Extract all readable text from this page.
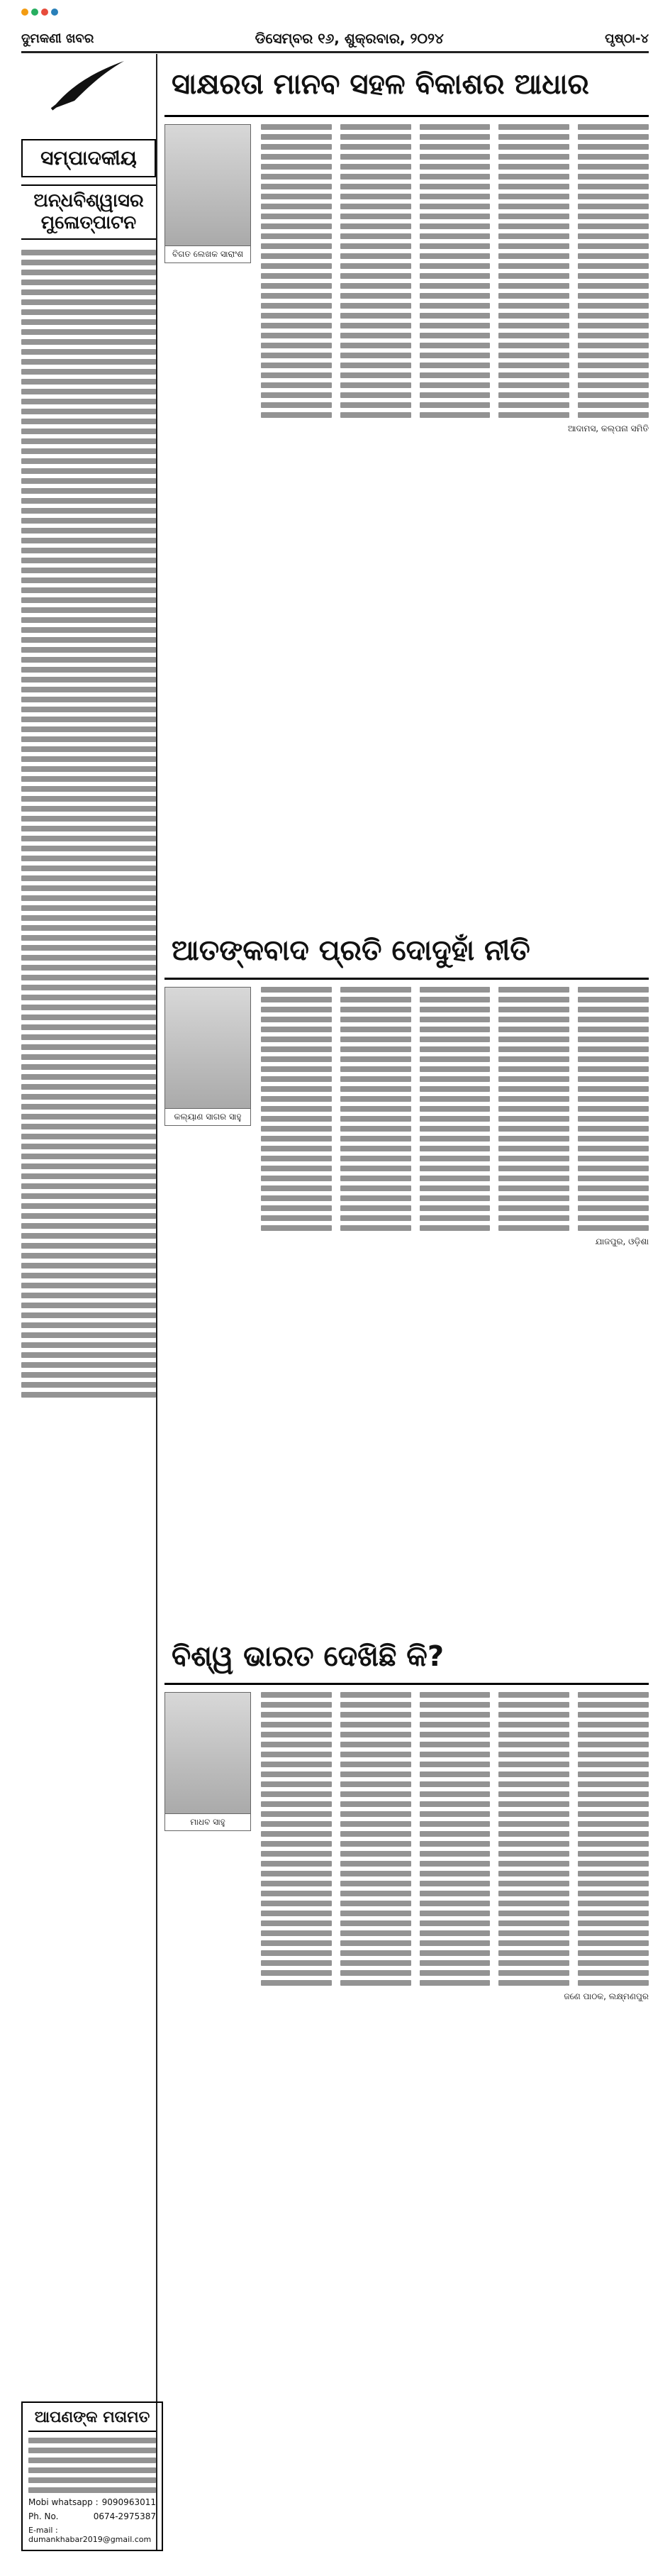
ଦୁମକଣୀ ଖବର	ଡିସେମ୍ବର ୧୬, ଶୁକ୍ରବାର, ୨୦୨୪	ପୃଷ୍ଠା-୪
ସମ୍ପାଦକୀୟ
ଅନ୍ଧବିଶ୍ୱାସର ମୁଳୋତ୍ପାଟନ
ଆପଣଙ୍କ ମତାମତ
Mobi whatsapp : 9090963011
Ph. No.	0674-2975387
E-mail : dumankhabar2019@gmail.com
ସାକ୍ଷରତା ମାନବ ସହଳ ବିକାଶର ଆଧାର
ବିଗତ ଲେଖକ ସାରାଂଶ
ଆଦାମସ, କଲ୍ପନା ସମିତି
ଆତଙ୍କବାଦ ପ୍ରତି ଦୋଦୁହାଁ ନୀତି
କଲ୍ୟାଣ ସାଗର ସାହୁ
ଯାଜପୁର, ଓଡ଼ିଶା
ବିଶ୍ୱ ଭାରତ ଦେଖିଛି କି?
ମାଧବ ସାହୁ
ଜଣେ ପାଠକ, ଲକ୍ଷ୍ମଣପୁର
